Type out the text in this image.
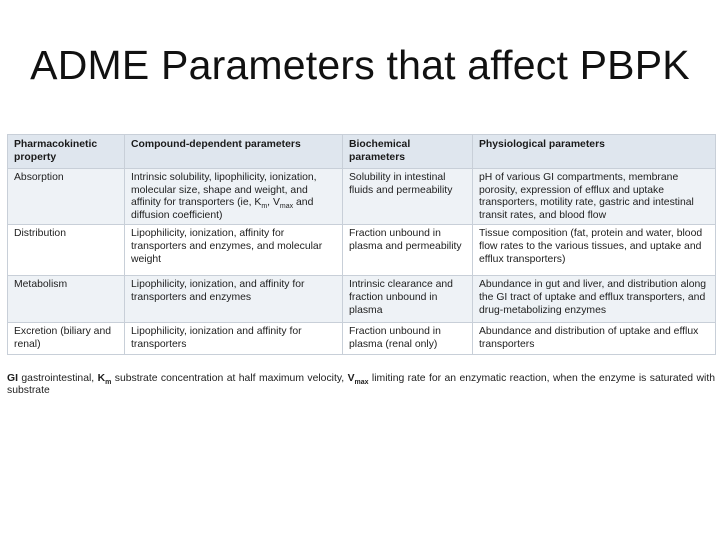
ADME Parameters that affect PBPK
Pharmacokinetic property	Compound-dependent parameters	Biochemical parameters	Physiological parameters
Absorption	Intrinsic solubility, lipophilicity, ionization, molecular size, shape and weight, and affinity for transporters (ie, $K_m$, $V_{max}$ and diffusion coefficient)	Solubility in intestinal fluids and permeability	pH of various GI compartments, membrane porosity, expression of efflux and uptake transporters, motility rate, gastric and intestinal transit rates, and blood flow
Distribution	Lipophilicity, ionization, affinity for transporters and enzymes, and molecular weight	Fraction unbound in plasma and permeability	Tissue composition (fat, protein and water, blood flow rates to the various tissues, and uptake and efflux transporters)
Metabolism	Lipophilicity, ionization, and affinity for transporters and enzymes	Intrinsic clearance and fraction unbound in plasma	Abundance in gut and liver, and distribution along the GI tract of uptake and efflux transporters, and drug-metabolizing enzymes
Excretion (biliary and renal)	Lipophilicity, ionization and affinity for transporters	Fraction unbound in plasma (renal only)	Abundance and distribution of uptake and efflux transporters
GI gastrointestinal, $K_m$ substrate concentration at half maximum velocity, $V_{max}$ limiting rate for an enzymatic reaction, when the enzyme is saturated with substrate
